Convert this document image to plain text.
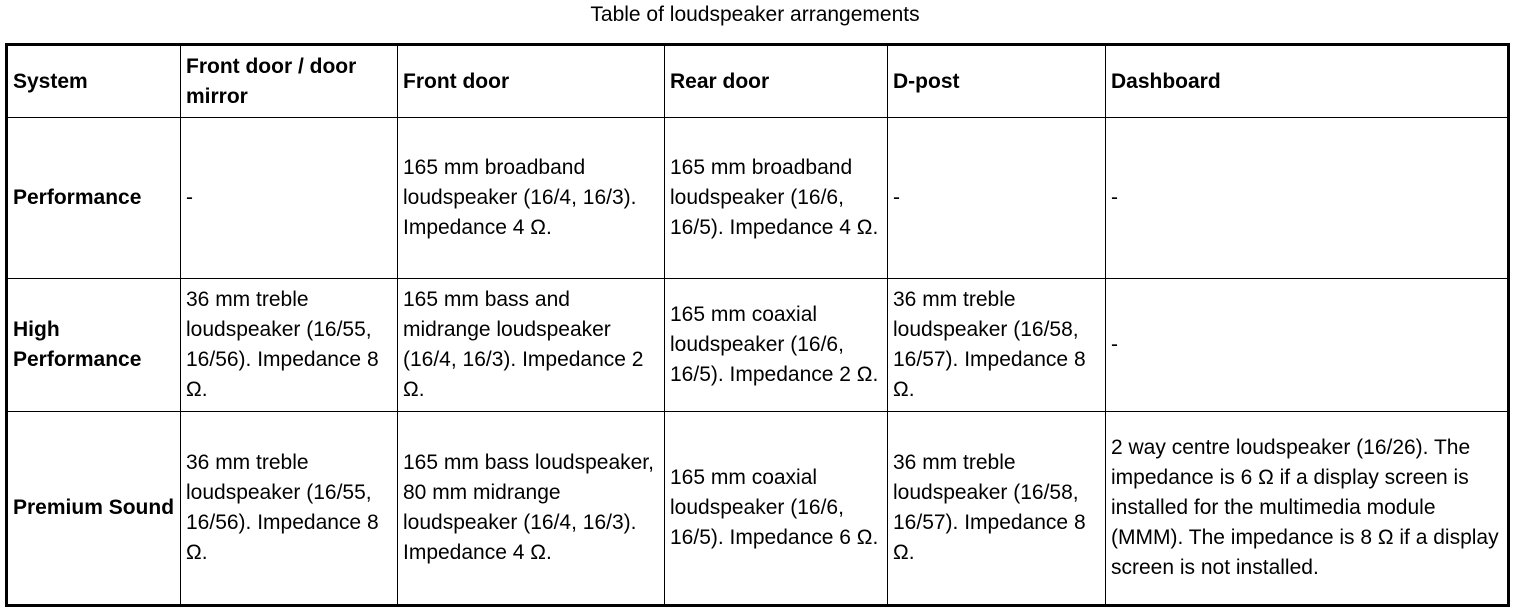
Table of loudspeaker arrangements
System	Front door / door mirror	Front door	Rear door	D-post	Dashboard
Performance	-	165 mm broadband loudspeaker (16/4, 16/3). Impedance 4 Ω.	165 mm broadband loudspeaker (16/6, 16/5). Impedance 4 Ω.	-	-
High Performance	36 mm treble loudspeaker (16/55, 16/56). Impedance 8 Ω.	165 mm bass and midrange loudspeaker (16/4, 16/3). Impedance 2 Ω.	165 mm coaxial loudspeaker (16/6, 16/5). Impedance 2 Ω.	36 mm treble loudspeaker (16/58, 16/57). Impedance 8 Ω.	-
Premium Sound	36 mm treble loudspeaker (16/55, 16/56). Impedance 8 Ω.	165 mm bass loudspeaker, 80 mm midrange loudspeaker (16/4, 16/3). Impedance 4 Ω.	165 mm coaxial loudspeaker (16/6, 16/5). Impedance 6 Ω.	36 mm treble loudspeaker (16/58, 16/57). Impedance 8 Ω.	2 way centre loudspeaker (16/26). The impedance is 6 Ω if a display screen is installed for the multimedia module (MMM). The impedance is 8 Ω if a display screen is not installed.
